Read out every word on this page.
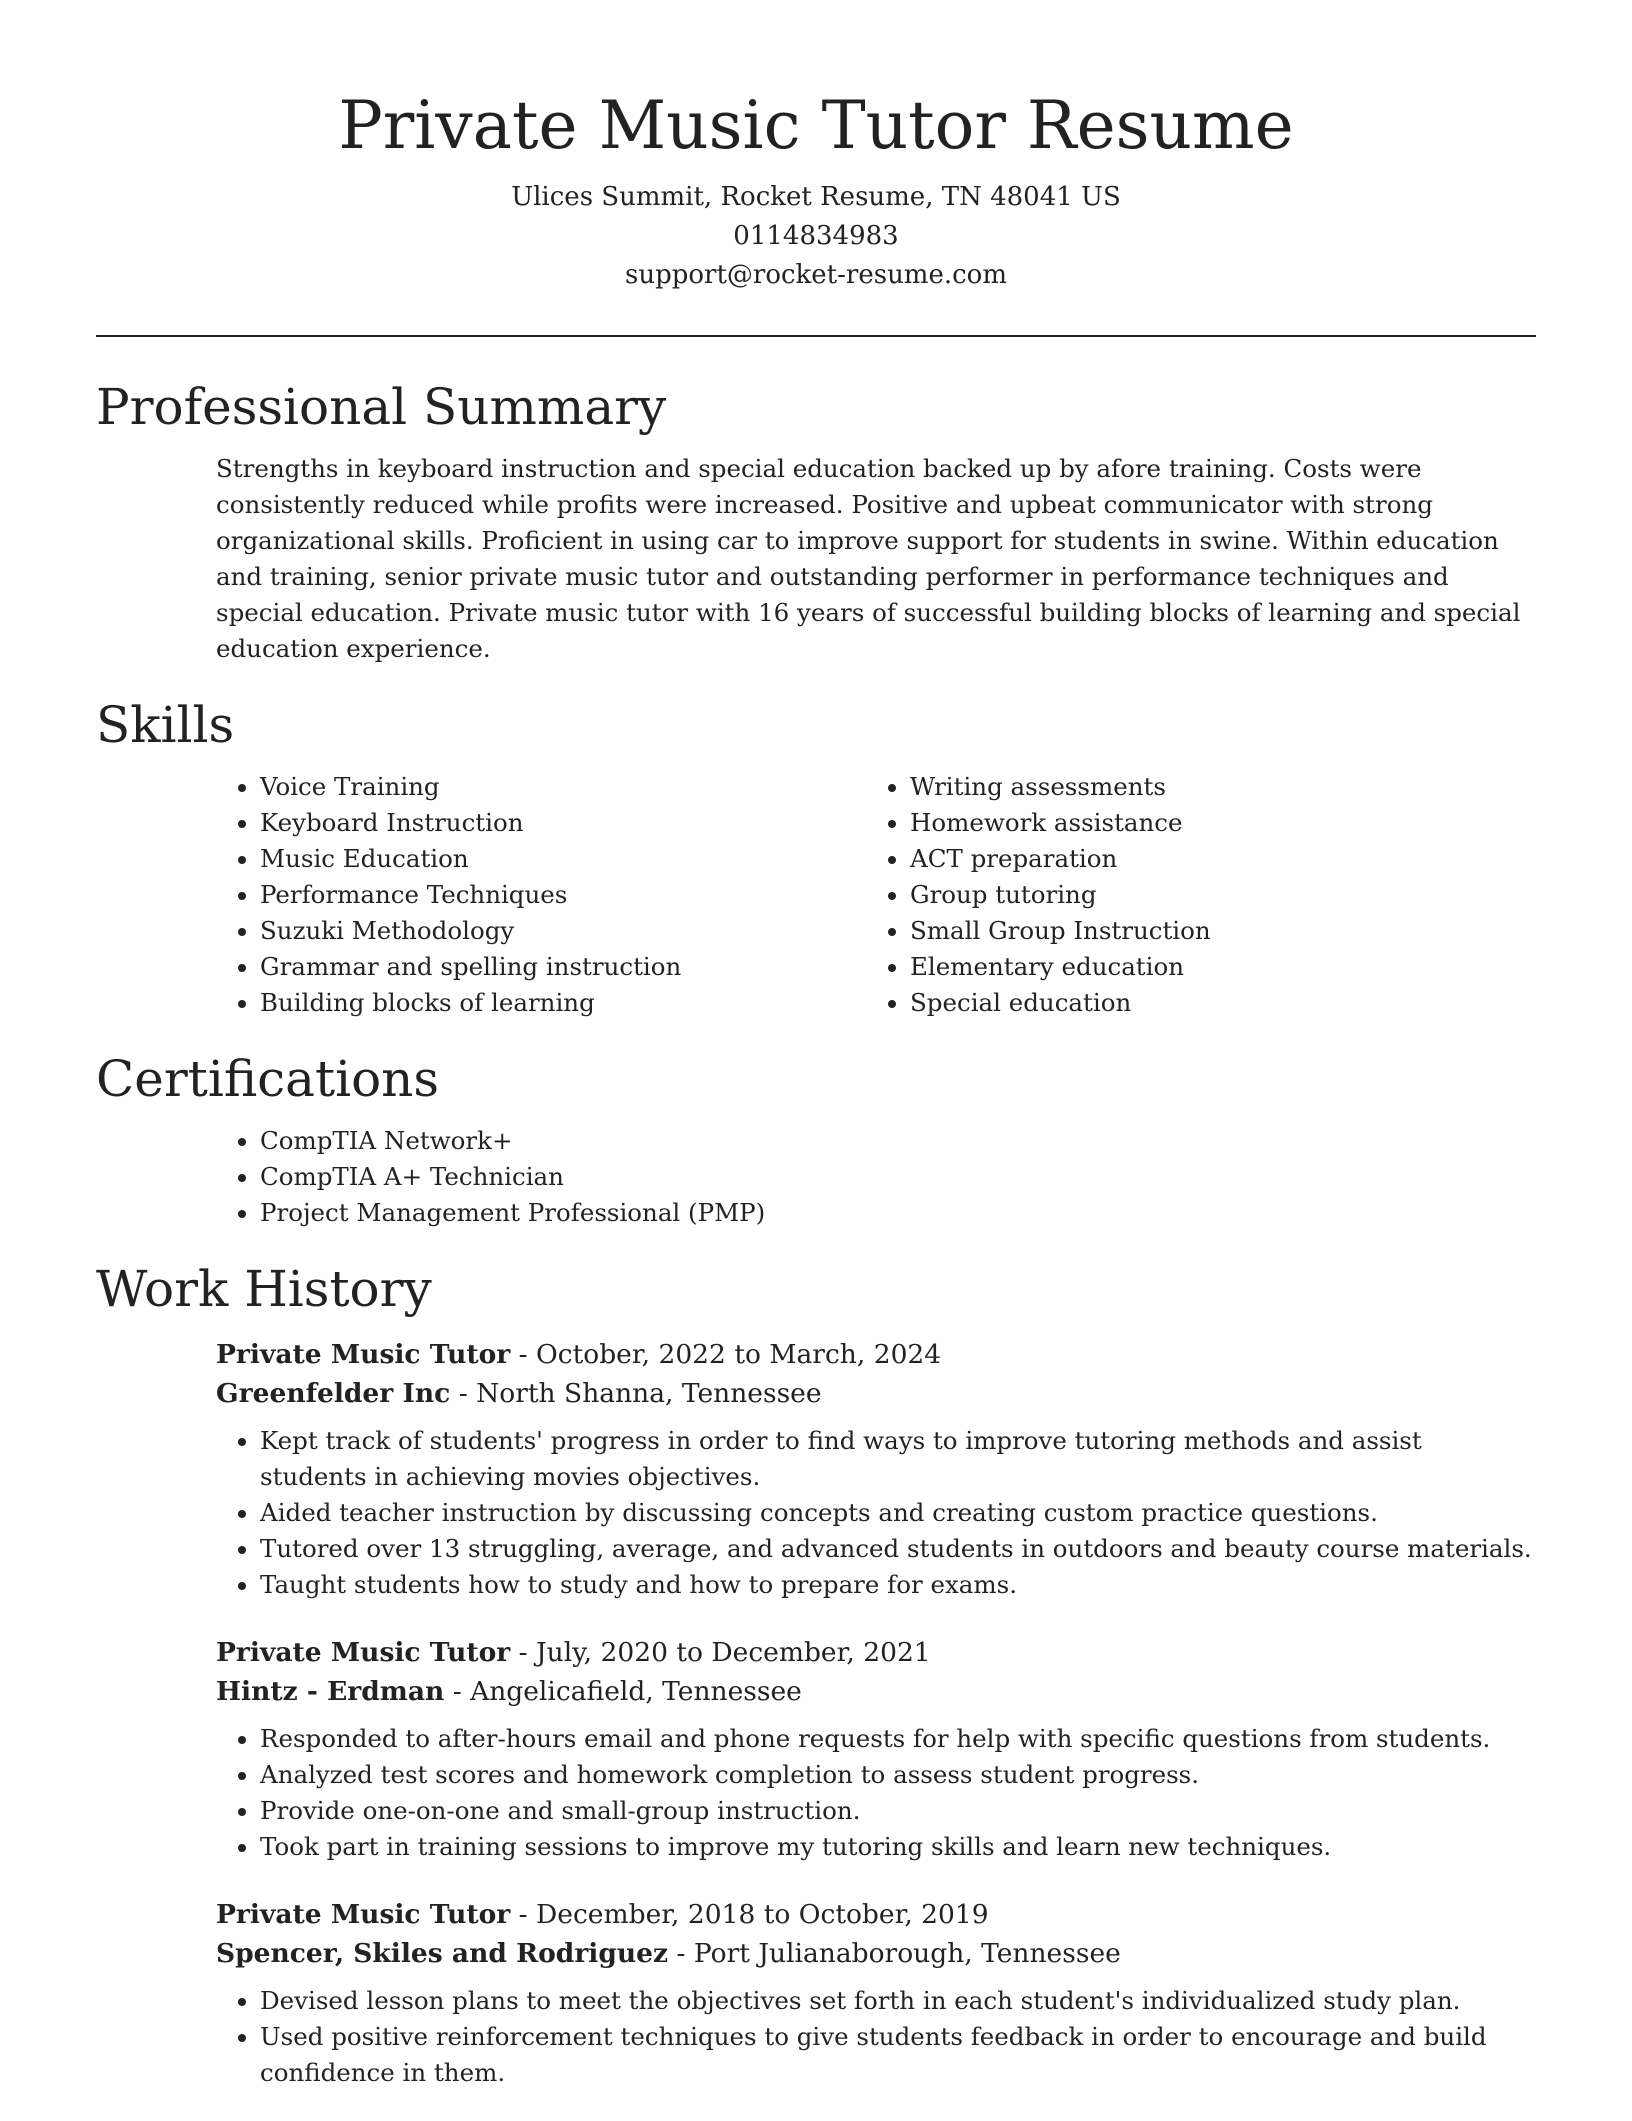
Private Music Tutor Resume

Ulices Summit, Rocket Resume, TN 48041 US

0114834983

support@rocket-resume.com

Professional Summary

Strengths in keyboard instruction and special education backed up by afore training. Costs were consistently reduced while profits were increased. Positive and upbeat communicator with strong organizational skills. Proficient in using car to improve support for students in swine. Within education and training, senior private music tutor and outstanding performer in performance techniques and special education. Private music tutor with 16 years of successful building blocks of learning and special education experience.

Skills
• Voice Training
• Keyboard Instruction
• Music Education
• Performance Techniques
• Suzuki Methodology
• Grammar and spelling instruction
• Building blocks of learning
• Writing assessments
• Homework assistance
• ACT preparation
• Group tutoring
• Small Group Instruction
• Elementary education
• Special education
Certifications
• CompTIA Network+
• CompTIA A+ Technician
• Project Management Professional (PMP)
Work History

Private Music Tutor - October, 2022 to March, 2024

Greenfelder Inc - North Shanna, Tennessee

• Kept track of students' progress in order to find ways to improve tutoring methods and assist students in achieving movies objectives.
• Aided teacher instruction by discussing concepts and creating custom practice questions.
• Tutored over 13 struggling, average, and advanced students in outdoors and beauty course materials.
• Taught students how to study and how to prepare for exams.

Private Music Tutor - July, 2020 to December, 2021

Hintz - Erdman - Angelicafield, Tennessee

• Responded to after-hours email and phone requests for help with specific questions from students.
• Analyzed test scores and homework completion to assess student progress.
• Provide one-on-one and small-group instruction.
• Took part in training sessions to improve my tutoring skills and learn new techniques.

Private Music Tutor - December, 2018 to October, 2019

Spencer, Skiles and Rodriguez - Port Julianaborough, Tennessee

• Devised lesson plans to meet the objectives set forth in each student's individualized study plan.
• Used positive reinforcement techniques to give students feedback in order to encourage and build confidence in them.
